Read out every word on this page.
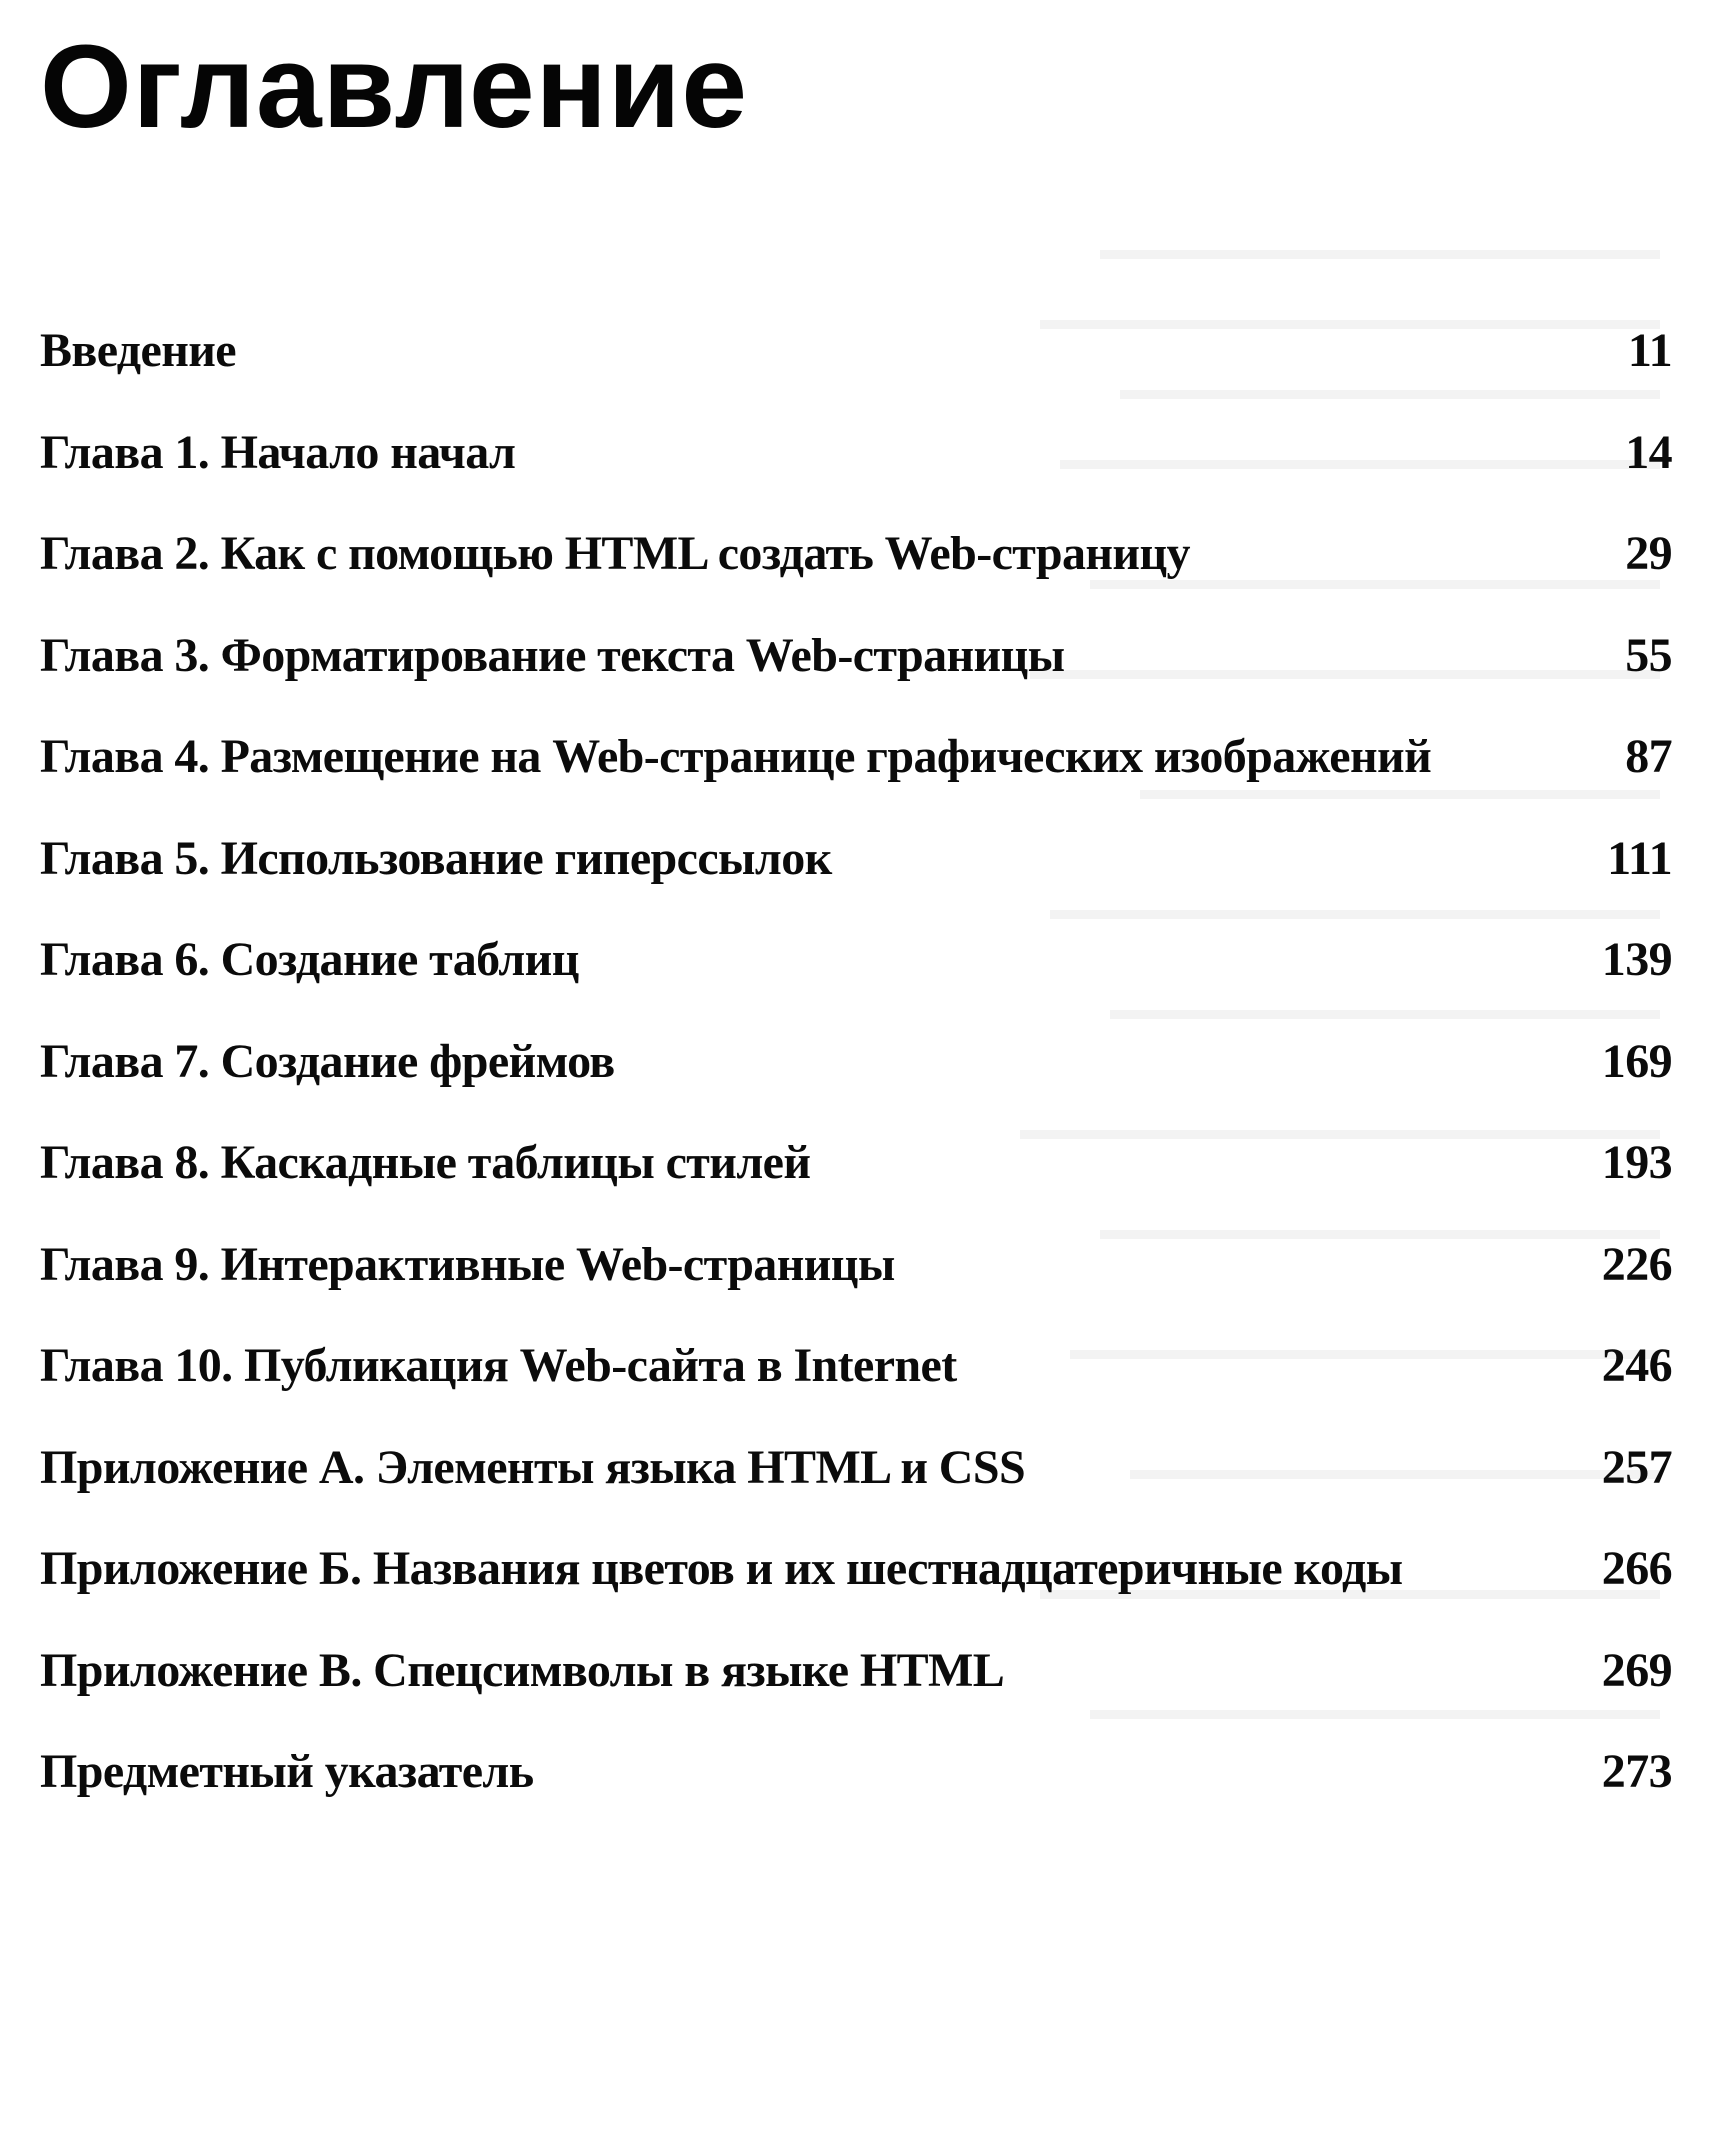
Оглавление
Введение	11
Глава 1. Начало начал	14
Глава 2. Как с помощью HTML создать Web-страницу	29
Глава 3. Форматирование текста Web-страницы	55
Глава 4. Размещение на Web-странице графических изображений	87
Глава 5. Использование гиперссылок	111
Глава 6. Создание таблиц	139
Глава 7. Создание фреймов	169
Глава 8. Каскадные таблицы стилей	193
Глава 9. Интерактивные Web-страницы	226
Глава 10. Публикация Web-сайта в Internet	246
Приложение А. Элементы языка HTML и CSS	257
Приложение Б. Названия цветов и их шестнадцатеричные коды	266
Приложение В. Спецсимволы в языке HTML	269
Предметный указатель	273
